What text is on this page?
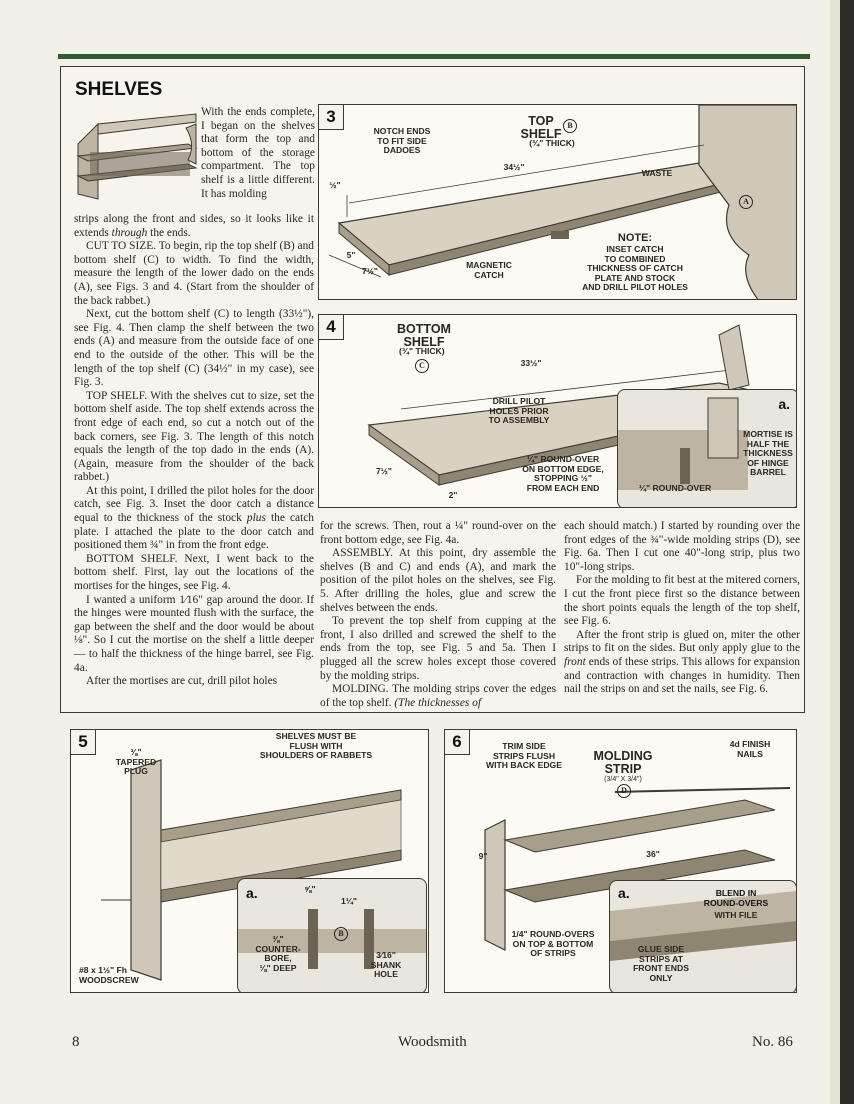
SHELVES

With the ends complete, I began on the shelves that form the top and bottom of the storage compartment. The top shelf is a little different. It has molding

strips along the front and sides, so it looks like it extends through the ends.

CUT TO SIZE. To begin, rip the top shelf (B) and bottom shelf (C) to width. To find the width, measure the length of the lower dado on the ends (A), see Figs. 3 and 4. (Start from the shoulder of the back rabbet.)

Next, cut the bottom shelf (C) to length (33½"), see Fig. 4. Then clamp the shelf between the two ends (A) and measure from the outside face of one end to the outside of the other. This will be the length of the top shelf (C) (34½" in my case), see Fig. 3.

TOP SHELF. With the shelves cut to size, set the bottom shelf aside. The top shelf extends across the front edge of each end, so cut a notch out of the back corners, see Fig. 3. The length of this notch equals the length of the top dado in the ends (A). (Again, measure from the shoulder of the back rabbet.)

At this point, I drilled the pilot holes for the door catch, see Fig. 3. Inset the door catch a distance equal to the thickness of the stock plus the catch plate. I attached the plate to the door catch and positioned them ¾" in from the front edge.

BOTTOM SHELF. Next, I went back to the bottom shelf. First, lay out the locations of the mortises for the hinges, see Fig. 4.

I wanted a uniform 1⁄16" gap around the door. If the hinges were mounted flush with the surface, the gap between the shelf and the door would be about ⅛". So I cut the mortise on the shelf a little deeper — to half the thickness of the hinge barrel, see Fig. 4a.

After the mortises are cut, drill pilot holes

for the screws. Then, rout a ¼" round-over on the front bottom edge, see Fig. 4a.

ASSEMBLY. At this point, dry assemble the shelves (B and C) and ends (A), and mark the position of the pilot holes on the shelves, see Fig. 5. After drilling the holes, glue and screw the shelves between the ends.

To prevent the top shelf from cupping at the front, I also drilled and screwed the shelf to the ends from the top, see Fig. 5 and 5a. Then I plugged all the screw holes except those covered by the molding strips.

MOLDING. The molding strips cover the edges of the top shelf. (The thicknesses of

each should match.) I started by rounding over the front edges of the ¾"-wide molding strips (D), see Fig. 6a. Then I cut one 40"-long strip, plus two 10"-long strips.

For the molding to fit best at the mitered corners, I cut the front piece first so the distance between the short points equals the length of the top shelf, see Fig. 6.

After the front strip is glued on, miter the other strips to fit on the sides. But only apply glue to the front ends of these strips. This allows for expansion and contraction with changes in humidity. Then nail the strips on and set the nails, see Fig. 6.

3
NOTCH ENDS
TO FIT SIDE
DADOES
TOP
SHELF
B
(¾" THICK)
34½"
WASTE
A
½"
5"
7½"
MAGNETIC
CATCH
NOTE:
INSET CATCH
TO COMBINED
THICKNESS OF CATCH
PLATE AND STOCK
AND DRILL PILOT HOLES
4	BOTTOM
SHELF
(¾" THICK)
C	33½"
DRILL PILOT
HOLES PRIOR
TO ASSEMBLY
7½"
2"
¼" ROUND-OVER
ON BOTTOM EDGE,
STOPPING ½"
FROM EACH END
a.
MORTISE IS
HALF THE
THICKNESS
OF HINGE
BARREL
¼" ROUND-OVER
5	SHELVES MUST BE
FLUSH WITH
SHOULDERS OF RABBETS
⅜"
TAPERED
PLUG
#8 x 1½" Fh
WOODSCREW
a.	⅝"
1¼"
B
⅜"
COUNTER-
BORE,
⅛" DEEP
3⁄16"
SHANK
HOLE
6	TRIM SIDE
STRIPS FLUSH
WITH BACK EDGE
MOLDING
STRIP
(3/4" X 3/4")
D
4d FINISH
NAILS
9"	36"
1/4" ROUND-OVERS
ON TOP & BOTTOM
OF STRIPS
a.	BLEND IN
ROUND-OVERS
WITH FILE
GLUE SIDE
STRIPS AT
FRONT ENDS
ONLY
8	Woodsmith	No. 86
